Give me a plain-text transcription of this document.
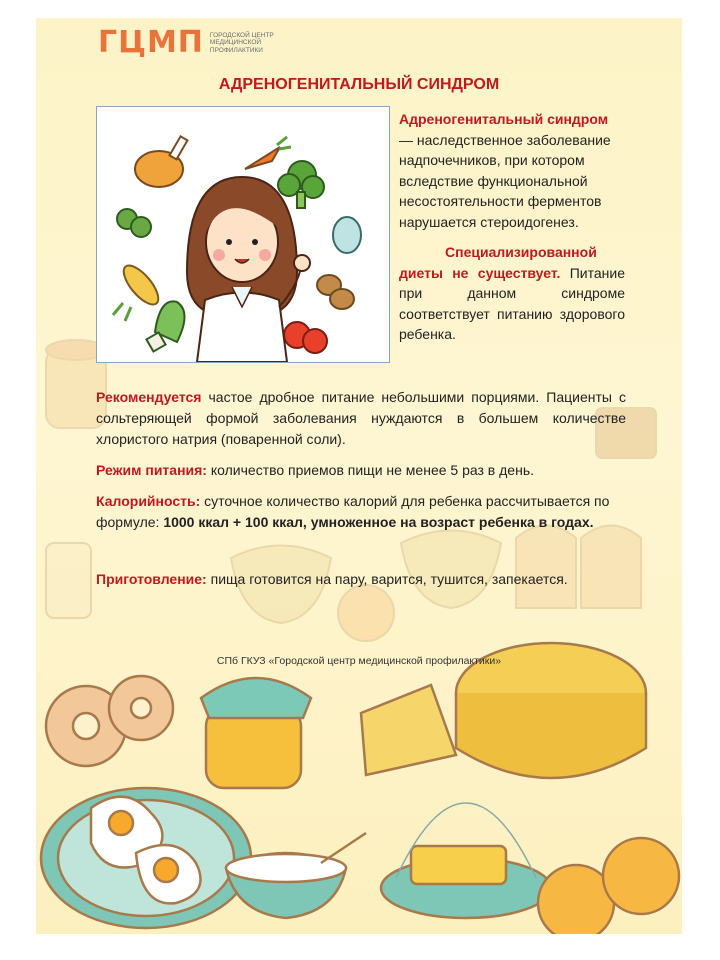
ГЦМП ГОРОДСКОЙ ЦЕНТР МЕДИЦИНСКОЙ ПРОФИЛАКТИКИ
АДРЕНОГЕНИТАЛЬНЫЙ СИНДРОМ

Адреногенитальный синдром — наследственное заболевание надпочечников, при котором вследствие функциональной несостоятельности ферментов нарушается стероидогенез.

Специализированной диеты не существует. Питание при данном синдроме соответствует питанию здорового ребенка.

Рекомендуется частое дробное питание небольшими порциями. Пациенты с сольтеряющей формой заболевания нуждаются в большем количестве хлористого натрия (поваренной соли).

Режим питания: количество приемов пищи не менее 5 раз в день.

Калорийность: суточное количество калорий для ребенка рассчитывается по формуле: 1000 ккал + 100 ккал, умноженное на возраст ребенка в годах.

Приготовление: пища готовится на пару, варится, тушится, запекается.

СПб ГКУЗ «Городской центр медицинской профилактики»
